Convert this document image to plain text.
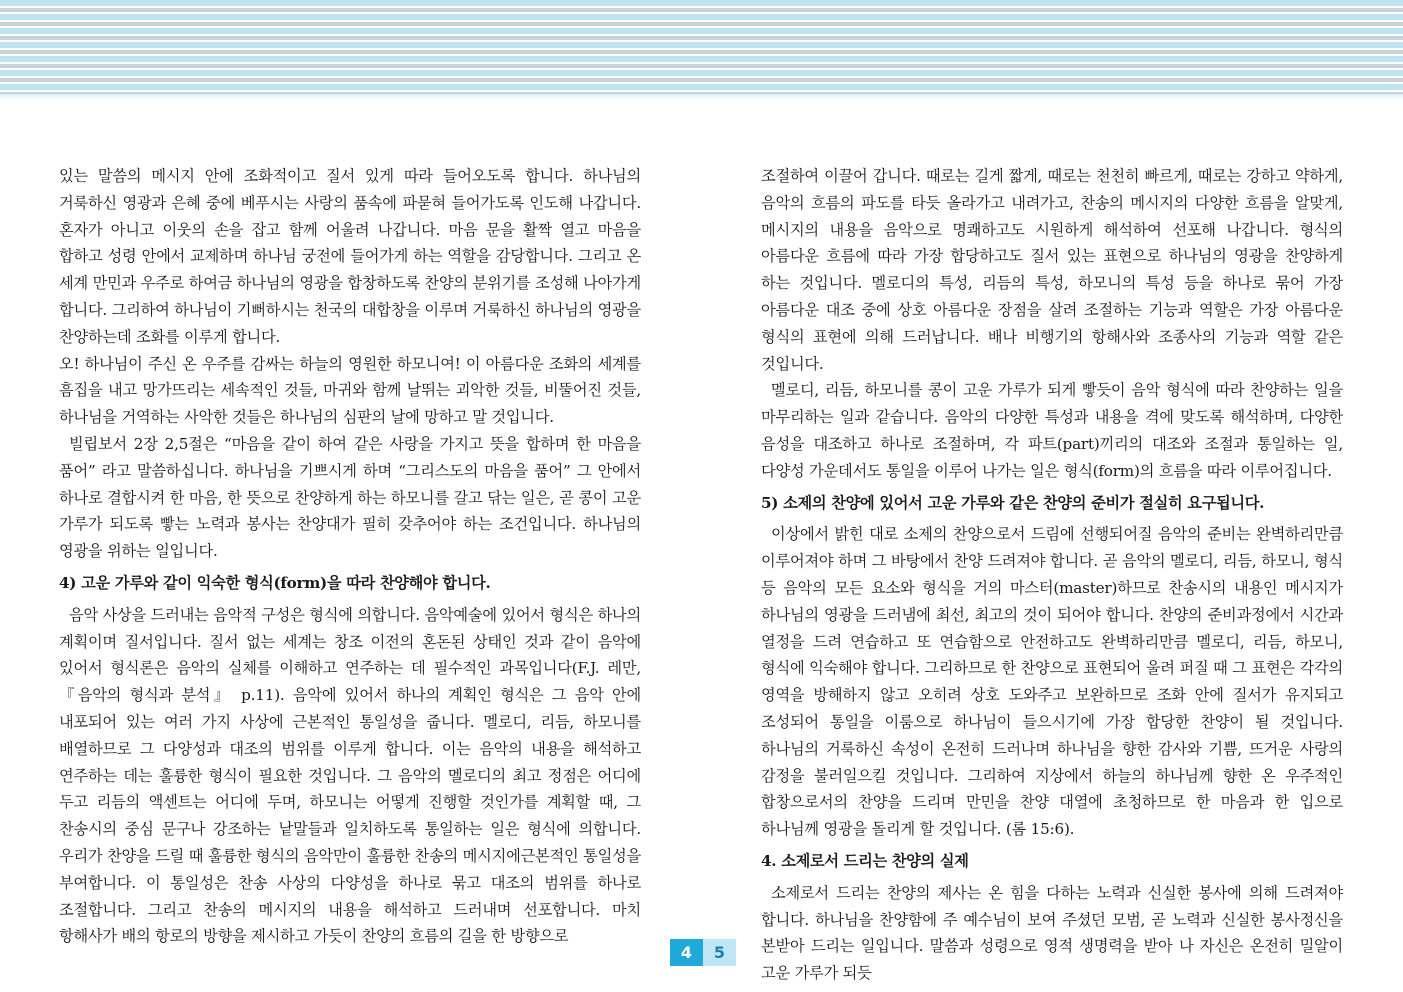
있는 말씀의 메시지 안에 조화적이고 질서 있게 따라 들어오도록 합니다. 하나님의 거룩하신 영광과 은혜 중에 베푸시는 사랑의 품속에 파묻혀 들어가도록 인도해 나갑니다. 혼자가 아니고 이웃의 손을 잡고 함께 어울려 나갑니다. 마음 문을 활짝 열고 마음을 합하고 성령 안에서 교제하며 하나님 궁전에 들어가게 하는 역할을 감당합니다. 그리고 온 세계 만민과 우주로 하여금 하나님의 영광을 합창하도록 찬양의 분위기를 조성해 나아가게 합니다. 그리하여 하나님이 기뻐하시는 천국의 대합창을 이루며 거룩하신 하나님의 영광을 찬양하는데 조화를 이루게 합니다.

오! 하나님이 주신 온 우주를 감싸는 하늘의 영원한 하모니여! 이 아름다운 조화의 세계를 흠집을 내고 망가뜨리는 세속적인 것들, 마귀와 함께 날뛰는 괴악한 것들, 비뚤어진 것들, 하나님을 거역하는 사악한 것들은 하나님의 심판의 날에 망하고 말 것입니다.

빌립보서 2장 2,5절은 “마음을 같이 하여 같은 사랑을 가지고 뜻을 합하며 한 마음을 품어” 라고 말씀하십니다. 하나님을 기쁘시게 하며 “그리스도의 마음을 품어” 그 안에서 하나로 결합시켜 한 마음, 한 뜻으로 찬양하게 하는 하모니를 갈고 닦는 일은, 곧 콩이 고운 가루가 되도록 빻는 노력과 봉사는 찬양대가 필히 갖추어야 하는 조건입니다. 하나님의 영광을 위하는 일입니다.

4) 고운 가루와 같이 익숙한 형식(form)을 따라 찬양해야 합니다.

음악 사상을 드러내는 음악적 구성은 형식에 의합니다. 음악예술에 있어서 형식은 하나의 계획이며 질서입니다. 질서 없는 세계는 창조 이전의 혼돈된 상태인 것과 같이 음악에 있어서 형식론은 음악의 실체를 이해하고 연주하는 데 필수적인 과목입니다(F.J. 레만, 『음악의 형식과 분석』 p.11). 음악에 있어서 하나의 계획인 형식은 그 음악 안에 내포되어 있는 여러 가지 사상에 근본적인 통일성을 줍니다. 멜로디, 리듬, 하모니를 배열하므로 그 다양성과 대조의 범위를 이루게 합니다. 이는 음악의 내용을 해석하고 연주하는 데는 훌륭한 형식이 필요한 것입니다. 그 음악의 멜로디의 최고 정점은 어디에 두고 리듬의 액센트는 어디에 두며, 하모니는 어떻게 진행할 것인가를 계획할 때, 그 찬송시의 중심 문구나 강조하는 낱말들과 일치하도록 통일하는 일은 형식에 의합니다. 우리가 찬양을 드릴 때 훌륭한 형식의 음악만이 훌륭한 찬송의 메시지에근본적인 통일성을 부여합니다. 이 통일성은 찬송 사상의 다양성을 하나로 묶고 대조의 범위를 하나로 조절합니다. 그리고 찬송의 메시지의 내용을 해석하고 드러내며 선포합니다. 마치 항해사가 배의 항로의 방향을 제시하고 가듯이 찬양의 흐름의 길을 한 방향으로

조절하여 이끌어 갑니다. 때로는 길게 짧게, 때로는 천천히 빠르게, 때로는 강하고 약하게, 음악의 흐름의 파도를 타듯 올라가고 내려가고, 찬송의 메시지의 다양한 흐름을 알맞게, 메시지의 내용을 음악으로 명쾌하고도 시원하게 해석하여 선포해 나갑니다. 형식의 아름다운 흐름에 따라 가장 합당하고도 질서 있는 표현으로 하나님의 영광을 찬양하게 하는 것입니다. 멜로디의 특성, 리듬의 특성, 하모니의 특성 등을 하나로 묶어 가장 아름다운 대조 중에 상호 아름다운 장점을 살려 조절하는 기능과 역할은 가장 아름다운 형식의 표현에 의해 드러납니다. 배나 비행기의 항해사와 조종사의 기능과 역할 같은 것입니다.

멜로디, 리듬, 하모니를 콩이 고운 가루가 되게 빻듯이 음악 형식에 따라 찬양하는 일을 마무리하는 일과 같습니다. 음악의 다양한 특성과 내용을 격에 맞도록 해석하며, 다양한 음성을 대조하고 하나로 조절하며, 각 파트(part)끼리의 대조와 조절과 통일하는 일, 다양성 가운데서도 통일을 이루어 나가는 일은 형식(form)의 흐름을 따라 이루어집니다.

5) 소제의 찬양에 있어서 고운 가루와 같은 찬양의 준비가 절실히 요구됩니다.

이상에서 밝힌 대로 소제의 찬양으로서 드림에 선행되어질 음악의 준비는 완벽하리만큼 이루어져야 하며 그 바탕에서 찬양 드려져야 합니다. 곧 음악의 멜로디, 리듬, 하모니, 형식 등 음악의 모든 요소와 형식을 거의 마스터(master)하므로 찬송시의 내용인 메시지가 하나님의 영광을 드러냄에 최선, 최고의 것이 되어야 합니다. 찬양의 준비과정에서 시간과 열정을 드려 연습하고 또 연습함으로 안전하고도 완벽하리만큼 멜로디, 리듬, 하모니, 형식에 익숙해야 합니다. 그리하므로 한 찬양으로 표현되어 울려 퍼질 때 그 표현은 각각의 영역을 방해하지 않고 오히려 상호 도와주고 보완하므로 조화 안에 질서가 유지되고 조성되어 통일을 이룸으로 하나님이 들으시기에 가장 합당한 찬양이 될 것입니다. 하나님의 거룩하신 속성이 온전히 드러나며 하나님을 향한 감사와 기쁨, 뜨거운 사랑의 감정을 불러일으킬 것입니다. 그리하여 지상에서 하늘의 하나님께 향한 온 우주적인 합창으로서의 찬양을 드리며 만민을 찬양 대열에 초청하므로 한 마음과 한 입으로 하나님께 영광을 돌리게 할 것입니다. (롬 15:6).

4. 소제로서 드리는 찬양의 실제

소제로서 드리는 찬양의 제사는 온 힘을 다하는 노력과 신실한 봉사에 의해 드려져야 합니다. 하나님을 찬양함에 주 예수님이 보여 주셨던 모범, 곧 노력과 신실한 봉사정신을 본받아 드리는 일입니다. 말씀과 성령으로 영적 생명력을 받아 나 자신은 온전히 밀알이 고운 가루가 되듯

4	5
